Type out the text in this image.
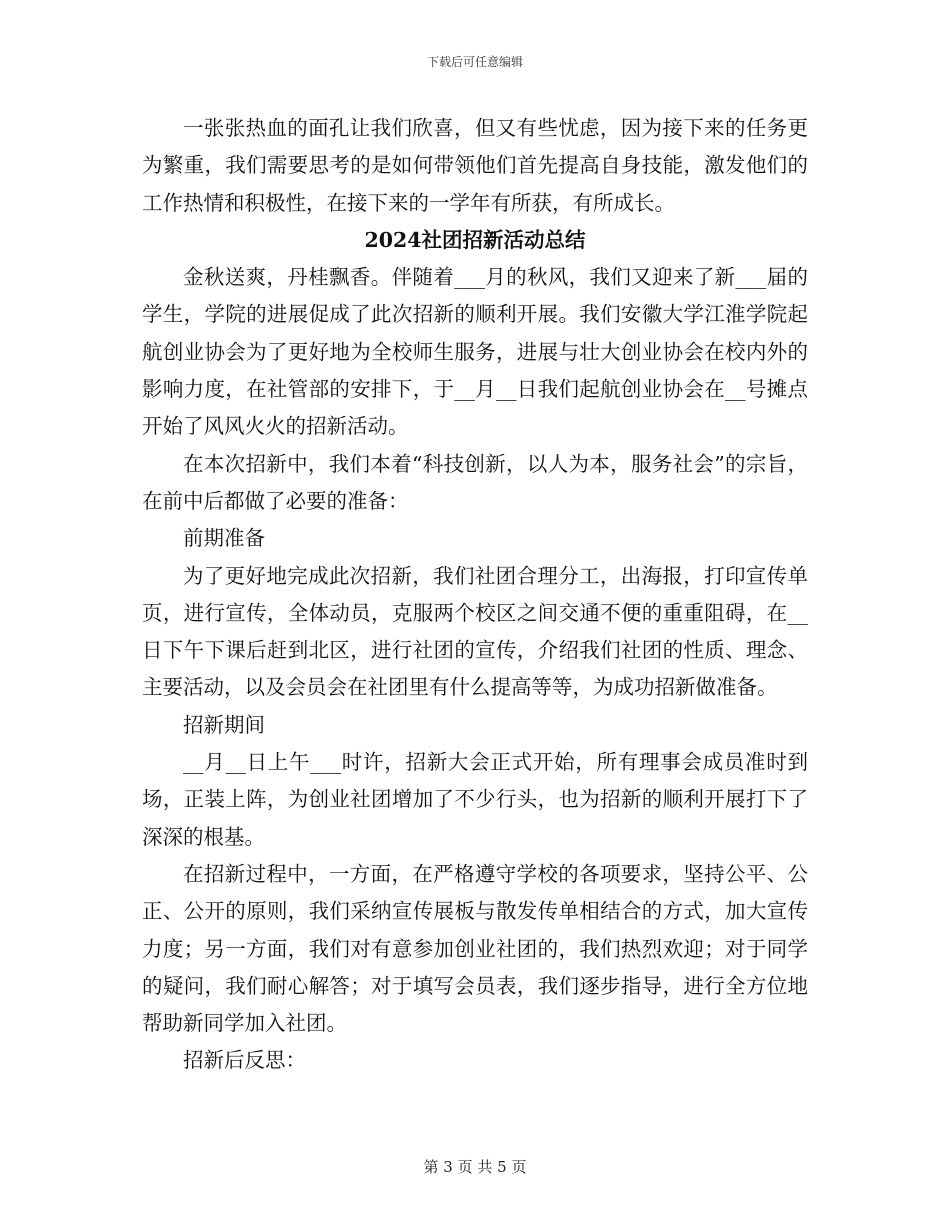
下载后可任意编辑

一张张热血的面孔让我们欣喜，但又有些忧虑，因为接下来的任务更为繁重，我们需要思考的是如何带领他们首先提高自身技能，激发他们的工作热情和积极性，在接下来的一学年有所获，有所成长。

2024社团招新活动总结

金秋送爽，丹桂飘香。伴随着___月的秋风，我们又迎来了新___届的学生，学院的进展促成了此次招新的顺利开展。我们安徽大学江淮学院起航创业协会为了更好地为全校师生服务，进展与壮大创业协会在校内外的影响力度，在社管部的安排下，于__月__日我们起航创业协会在__号摊点开始了风风火火的招新活动。

在本次招新中，我们本着“科技创新，以人为本，服务社会”的宗旨，在前中后都做了必要的准备：

前期准备

为了更好地完成此次招新，我们社团合理分工，出海报，打印宣传单页，进行宣传，全体动员，克服两个校区之间交通不便的重重阻碍，在__日下午下课后赶到北区，进行社团的宣传，介绍我们社团的性质、理念、主要活动，以及会员会在社团里有什么提高等等，为成功招新做准备。

招新期间

__月__日上午___时许，招新大会正式开始，所有理事会成员准时到场，正装上阵，为创业社团增加了不少行头，也为招新的顺利开展打下了深深的根基。

在招新过程中，一方面，在严格遵守学校的各项要求，坚持公平、公正、公开的原则，我们采纳宣传展板与散发传单相结合的方式，加大宣传力度；另一方面，我们对有意参加创业社团的，我们热烈欢迎；对于同学的疑问，我们耐心解答；对于填写会员表，我们逐步指导，进行全方位地帮助新同学加入社团。

招新后反思：

第 3 页 共 5 页
